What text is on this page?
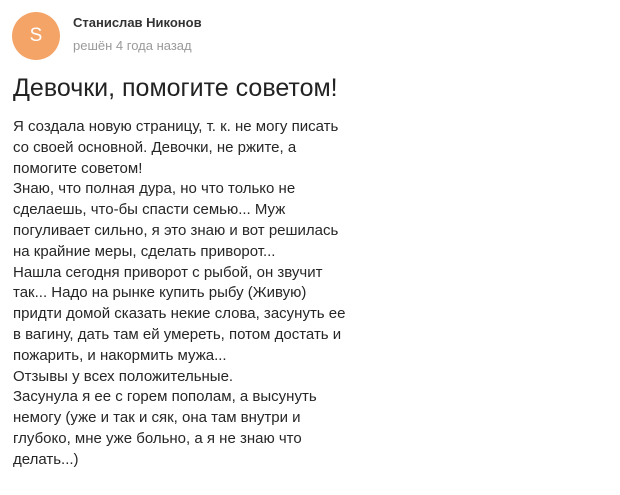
S
Станислав Никонов
решён 4 года назад
Девочки, помогите советом!

Я создала новую страницу, т. к. не могу писать со своей основной. Девочки, не ржите, а помогите советом!

Знаю, что полная дура, но что только не сделаешь, что-бы спасти семью... Муж погуливает сильно, я это знаю и вот решилась на крайние меры, сделать приворот...

Нашла сегодня приворот с рыбой, он звучит так... Надо на рынке купить рыбу (Живую) придти домой сказать некие слова, засунуть ее в вагину, дать там ей умереть, потом достать и пожарить, и накормить мужа...

Отзывы у всех положительные.

Засунула я ее с горем пополам, а высунуть немогу (уже и так и сяк, она там внутри и глубоко, мне уже больно, а я не знаю что делать...)
